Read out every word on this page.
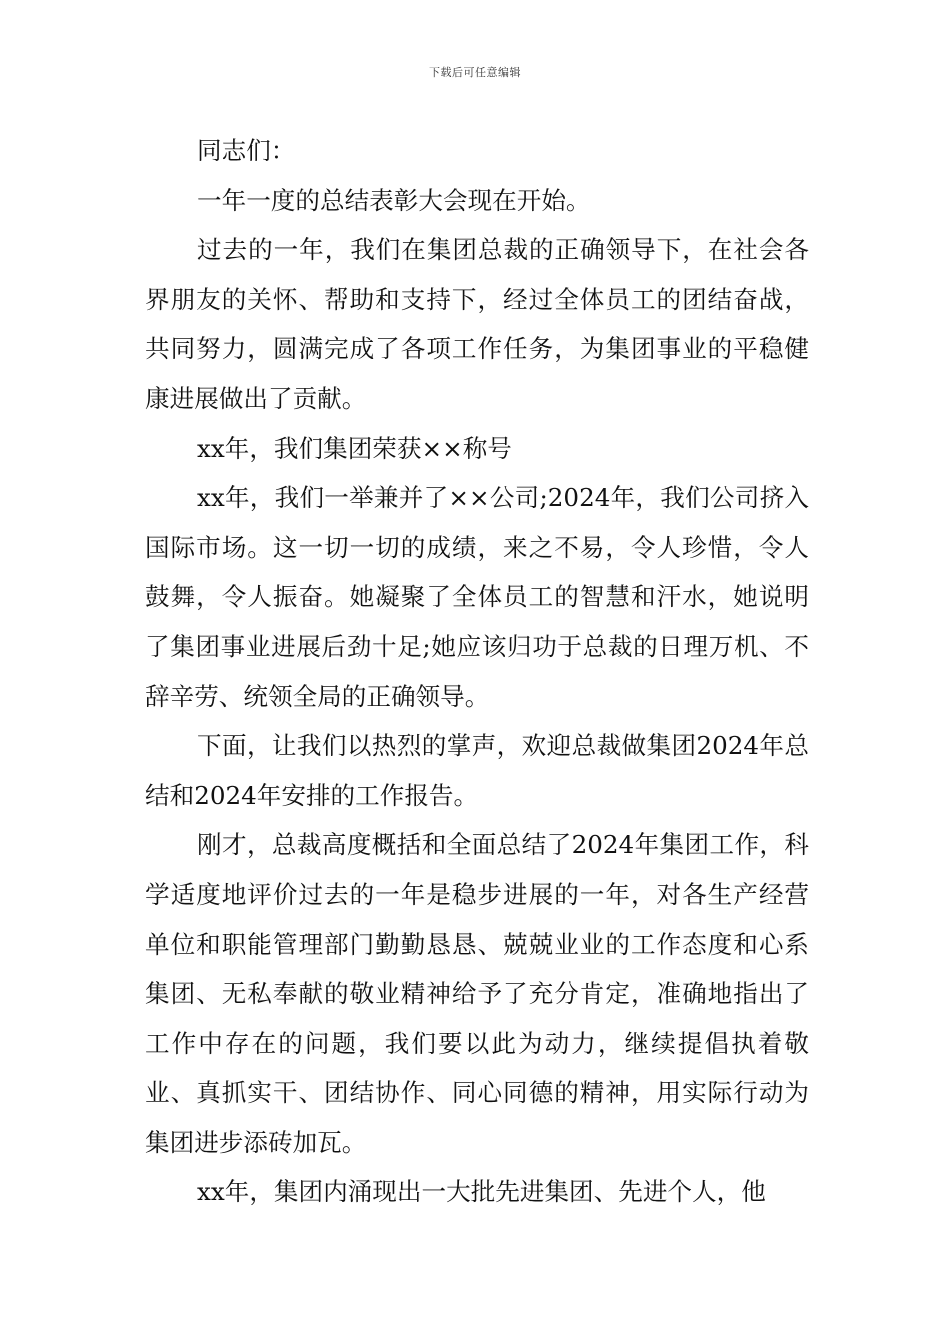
下载后可任意编辑

同志们：

一年一度的总结表彰大会现在开始。

过去的一年，我们在集团总裁的正确领导下，在社会各界朋友的关怀、帮助和支持下，经过全体员工的团结奋战，共同努力，圆满完成了各项工作任务，为集团事业的平稳健康进展做出了贡献。

xx年，我们集团荣获××称号

xx年，我们一举兼并了××公司;2024年，我们公司挤入国际市场。这一切一切的成绩，来之不易，令人珍惜，令人鼓舞，令人振奋。她凝聚了全体员工的智慧和汗水，她说明了集团事业进展后劲十足;她应该归功于总裁的日理万机、不辞辛劳、统领全局的正确领导。

下面，让我们以热烈的掌声，欢迎总裁做集团2024年总结和2024年安排的工作报告。

刚才，总裁高度概括和全面总结了2024年集团工作，科学适度地评价过去的一年是稳步进展的一年，对各生产经营单位和职能管理部门勤勤恳恳、兢兢业业的工作态度和心系集团、无私奉献的敬业精神给予了充分肯定，准确地指出了工作中存在的问题，我们要以此为动力，继续提倡执着敬业、真抓实干、团结协作、同心同德的精神，用实际行动为集团进步添砖加瓦。

xx年，集团内涌现出一大批先进集团、先进个人，他
